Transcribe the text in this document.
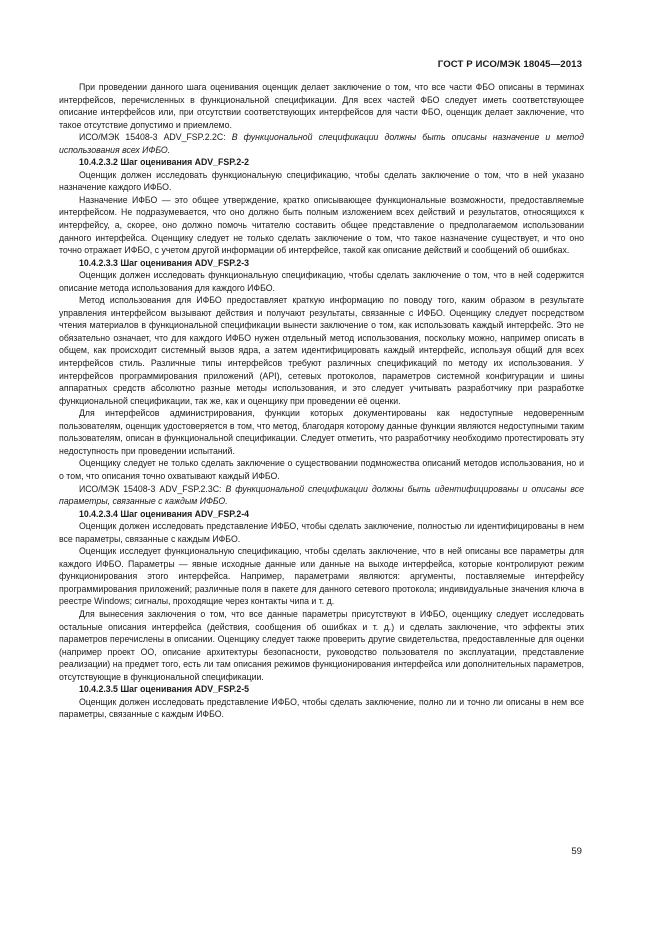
ГОСТ Р ИСО/МЭК 18045—2013

При проведении данного шага оценивания оценщик делает заключение о том, что все части ФБО описаны в терминах интерфейсов, перечисленных в функциональной спецификации. Для всех частей ФБО следует иметь соответствующее описание интерфейсов или, при отсутствии соответствующих интерфейсов для части ФБО, оценщик делает заключение, что такое отсутствие допустимо и приемлемо.

ИСО/МЭК 15408-3 ADV_FSP.2.2С: В функциональной спецификации должны быть описаны назначение и метод использования всех ИФБО.

10.4.2.3.2 Шаг оценивания ADV_FSP.2-2

Оценщик должен исследовать функциональную спецификацию, чтобы сделать заключение о том, что в ней указано назначение каждого ИФБО.

Назначение ИФБО — это общее утверждение, кратко описывающее функциональные возможности, предоставляемые интерфейсом. Не подразумевается, что оно должно быть полным изложением всех действий и результатов, относящихся к интерфейсу, а, скорее, оно должно помочь читателю составить общее представление о предполагаемом использовании данного интерфейса. Оценщику следует не только сделать заключение о том, что такое назначение существует, и что оно точно отражает ИФБО, с учетом другой информации об интерфейсе, такой как описание действий и сообщений об ошибках.

10.4.2.3.3 Шаг оценивания ADV_FSP.2-3

Оценщик должен исследовать функциональную спецификацию, чтобы сделать заключение о том, что в ней содержится описание метода использования для каждого ИФБО.

Метод использования для ИФБО предоставляет краткую информацию по поводу того, каким образом в результате управления интерфейсом вызывают действия и получают результаты, связанные с ИФБО. Оценщику следует посредством чтения материалов в функциональной спецификации вынести заключение о том, как использовать каждый интерфейс. Это не обязательно означает, что для каждого ИФБО нужен отдельный метод использования, поскольку можно, например описать в общем, как происходит системный вызов ядра, а затем идентифицировать каждый интерфейс, используя общий для всех интерфейсов стиль. Различные типы интерфейсов требуют различных спецификаций по методу их использования. У интерфейсов программирования приложений (API), сетевых протоколов, параметров системной конфигурации и шины аппаратных средств абсолютно разные методы использования, и это следует учитывать разработчику при разработке функциональной спецификации, так же, как и оценщику при проведении её оценки.

Для интерфейсов администрирования, функции которых документированы как недоступные недоверенным пользователям, оценщик удостоверяется в том, что метод, благодаря которому данные функции являются недоступными таким пользователям, описан в функциональной спецификации. Следует отметить, что разработчику необходимо протестировать эту недоступность при проведении испытаний.

Оценщику следует не только сделать заключение о существовании подмножества описаний методов использования, но и о том, что описания точно охватывают каждый ИФБО.

ИСО/МЭК 15408-3 ADV_FSP.2.3С: В функциональной спецификации должны быть идентифицированы и описаны все параметры, связанные с каждым ИФБО.

10.4.2.3.4 Шаг оценивания ADV_FSP.2-4

Оценщик должен исследовать представление ИФБО, чтобы сделать заключение, полностью ли идентифицированы в нем все параметры, связанные с каждым ИФБО.

Оценщик исследует функциональную спецификацию, чтобы сделать заключение, что в ней описаны все параметры для каждого ИФБО. Параметры — явные исходные данные или данные на выходе интерфейса, которые контролируют режим функционирования этого интерфейса. Например, параметрами являются: аргументы, поставляемые интерфейсу программирования приложений; различные поля в пакете для данного сетевого протокола; индивидуальные значения ключа в реестре Windows; сигналы, проходящие через контакты чипа и т. д.

Для вынесения заключения о том, что все данные параметры присутствуют в ИФБО, оценщику следует исследовать остальные описания интерфейса (действия, сообщения об ошибках и т. д.) и сделать заключение, что эффекты этих параметров перечислены в описании. Оценщику следует также проверить другие свидетельства, предоставленные для оценки (например проект ОО, описание архитектуры безопасности, руководство пользователя по эксплуатации, представление реализации) на предмет того, есть ли там описания режимов функционирования интерфейса или дополнительных параметров, отсутствующие в функциональной спецификации.

10.4.2.3.5 Шаг оценивания ADV_FSP.2-5

Оценщик должен исследовать представление ИФБО, чтобы сделать заключение, полно ли и точно ли описаны в нем все параметры, связанные с каждым ИФБО.

59
